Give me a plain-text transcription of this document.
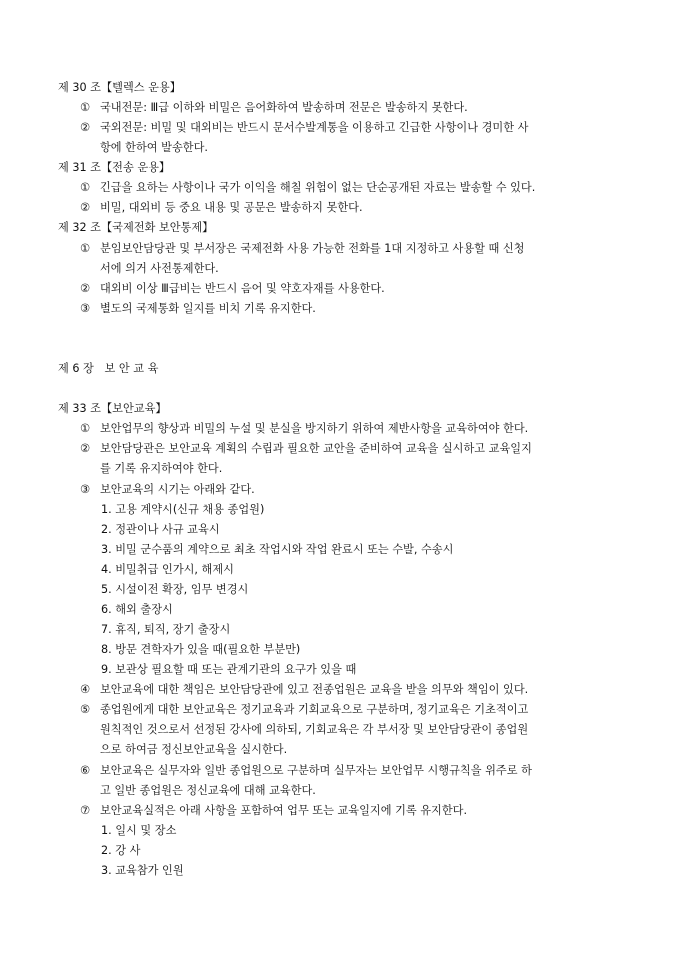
제 30 조【텔렉스 운용】
① 국내전문: Ⅲ급 이하와 비밀은 음어화하여 발송하며 전문은 발송하지 못한다.
② 국외전문: 비밀 및 대외비는 반드시 문서수발계통을 이용하고 긴급한 사항이나 경미한 사
항에 한하여 발송한다.
제 31 조【전송 운용】
① 긴급을 요하는 사항이나 국가 이익을 해칠 위험이 없는 단순공개된 자료는 발송할 수 있다.
② 비밀, 대외비 등 중요 내용 및 공문은 발송하지 못한다.
제 32 조【국제전화 보안통제】
① 분임보안담당관 및 부서장은 국제전화 사용 가능한 전화를 1대 지정하고 사용할 때 신청
서에 의거 사전통제한다.
② 대외비 이상 Ⅲ급비는 반드시 음어 및 약호자재를 사용한다.
③ 별도의 국제통화 일지를 비치 기록 유지한다.
제 6 장   보 안 교 육
제 33 조【보안교육】
① 보안업무의 향상과 비밀의 누설 및 분실을 방지하기 위하여 제반사항을 교육하여야 한다.
② 보안담당관은 보안교육 계획의 수립과 필요한 교안을 준비하여 교육을 실시하고 교육일지
를 기록 유지하여야 한다.
③ 보안교육의 시기는 아래와 같다.
1. 고용 계약시(신규 채용 종업원)
2. 정관이나 사규 교육시
3. 비밀 군수품의 계약으로 최초 작업시와 작업 완료시 또는 수발, 수송시
4. 비밀취급 인가시, 해제시
5. 시설이전 확장, 임무 변경시
6. 해외 출장시
7. 휴직, 퇴직, 장기 출장시
8. 방문 견학자가 있을 때(필요한 부분만)
9. 보관상 필요할 때 또는 관계기관의 요구가 있을 때
④ 보안교육에 대한 책임은 보안담당관에 있고 전종업원은 교육을 받을 의무와 책임이 있다.
⑤ 종업원에게 대한 보안교육은 정기교육과 기회교육으로 구분하며, 정기교육은 기초적이고
원칙적인 것으로서 선정된 강사에 의하되, 기회교육은 각 부서장 및 보안담당관이 종업원
으로 하여금 정신보안교육을 실시한다.
⑥ 보안교육은 실무자와 일반 종업원으로 구분하며 실무자는 보안업무 시행규칙을 위주로 하
고 일반 종업원은 정신교육에 대해 교육한다.
⑦ 보안교육실적은 아래 사항을 포함하여 업무 또는 교육일지에 기록 유지한다.
1. 일시 및 장소
2. 강 사
3. 교육참가 인원
